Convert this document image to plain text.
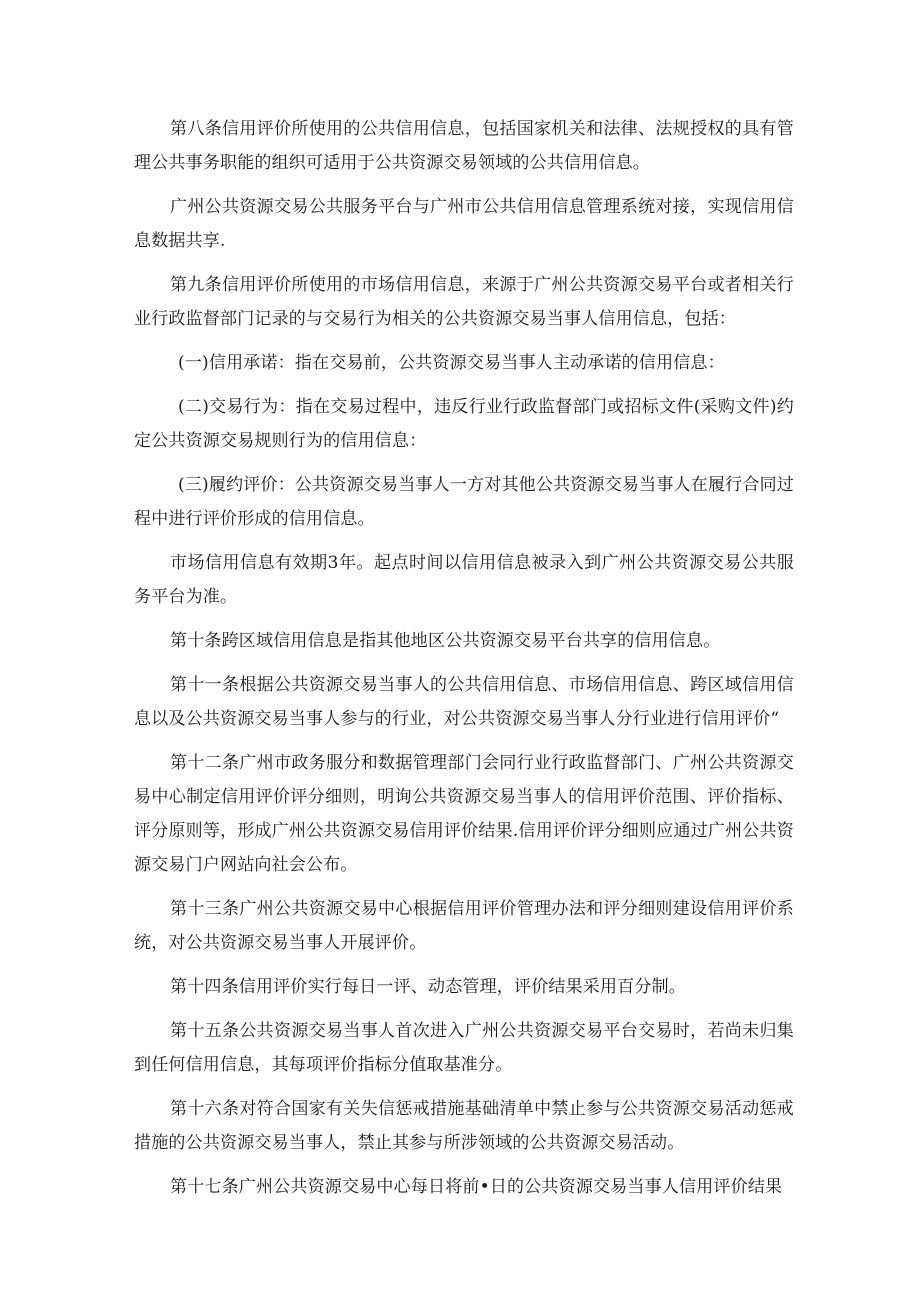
第八条信用评价所使用的公共信用信息，包括国家机关和法律、法规授权的具有管理公共事务职能的组织可适用于公共资源交易领域的公共信用信息。

广州公共资源交易公共服务平台与广州市公共信用信息管理系统对接，实现信用信息数据共享.

第九条信用评价所使用的市场信用信息，来源于广州公共资源交易平台或者相关行业行政监督部门记录的与交易行为相关的公共资源交易当事人信用信息，包括：

(一)信用承诺：指在交易前，公共资源交易当事人主动承诺的信用信息：

(二)交易行为：指在交易过程中，违反行业行政监督部门或招标文件(采购文件)约定公共资源交易规则行为的信用信息：

(三)履约评价：公共资源交易当事人一方对其他公共资源交易当事人在履行合同过程中进行评价形成的信用信息。

市场信用信息有效期3年。起点时间以信用信息被录入到广州公共资源交易公共服务平台为准。

第十条跨区域信用信息是指其他地区公共资源交易平台共享的信用信息。

第十一条根据公共资源交易当事人的公共信用信息、市场信用信息、跨区域信用信息以及公共资源交易当事人参与的行业，对公共资源交易当事人分行业进行信用评价“

第十二条广州市政务服分和数据管理部门会同行业行政监督部门、广州公共资源交易中心制定信用评价评分细则，明询公共资源交易当事人的信用评价范围、评价指标、评分原则等，形成广州公共资源交易信用评价结果.信用评价评分细则应通过广州公共资源交易门户网站向社会公布。

第十三条广州公共资源交易中心根据信用评价管理办法和评分细则建设信用评价系统，对公共资源交易当事人开展评价。

第十四条信用评价实行每日一评、动态管理，评价结果采用百分制。

第十五条公共资源交易当事人首次进入广州公共资源交易平台交易时，若尚未归集到任何信用信息，其每项评价指标分值取基准分。

第十六条对符合国家有关失信惩戒措施基础清单中禁止参与公共资源交易活动惩戒措施的公共资源交易当事人，禁止其参与所涉领域的公共资源交易活动。

第十七条广州公共资源交易中心每日将前•日的公共资源交易当事人信用评价结果
